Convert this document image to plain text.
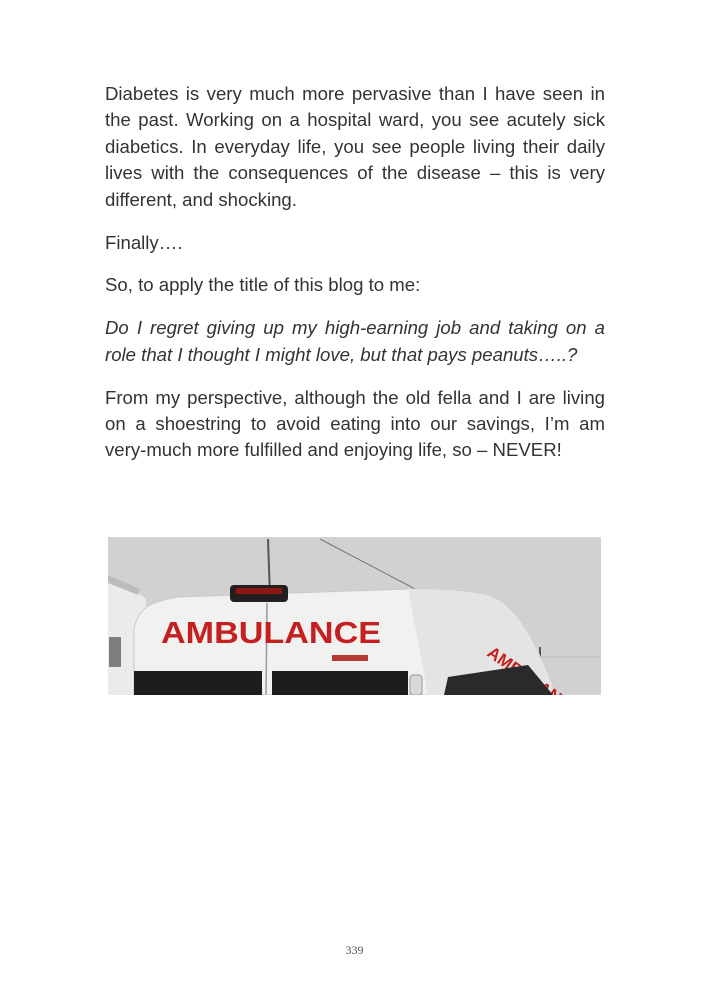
Diabetes is very much more pervasive than I have seen in the past. Working on a hospital ward, you see acutely sick diabetics. In everyday life, you see people living their daily lives with the consequences of the disease – this is very different, and shocking.

Finally….

So, to apply the title of this blog to me:

Do I regret giving up my high-earning job and taking on a role that I thought I might love, but that pays peanuts…..?

From my perspective, although the old fella and I are living on a shoestring to avoid eating into our savings, I’m am very-much more fulfilled and enjoying life, so – NEVER!

AMBULANCE
339
